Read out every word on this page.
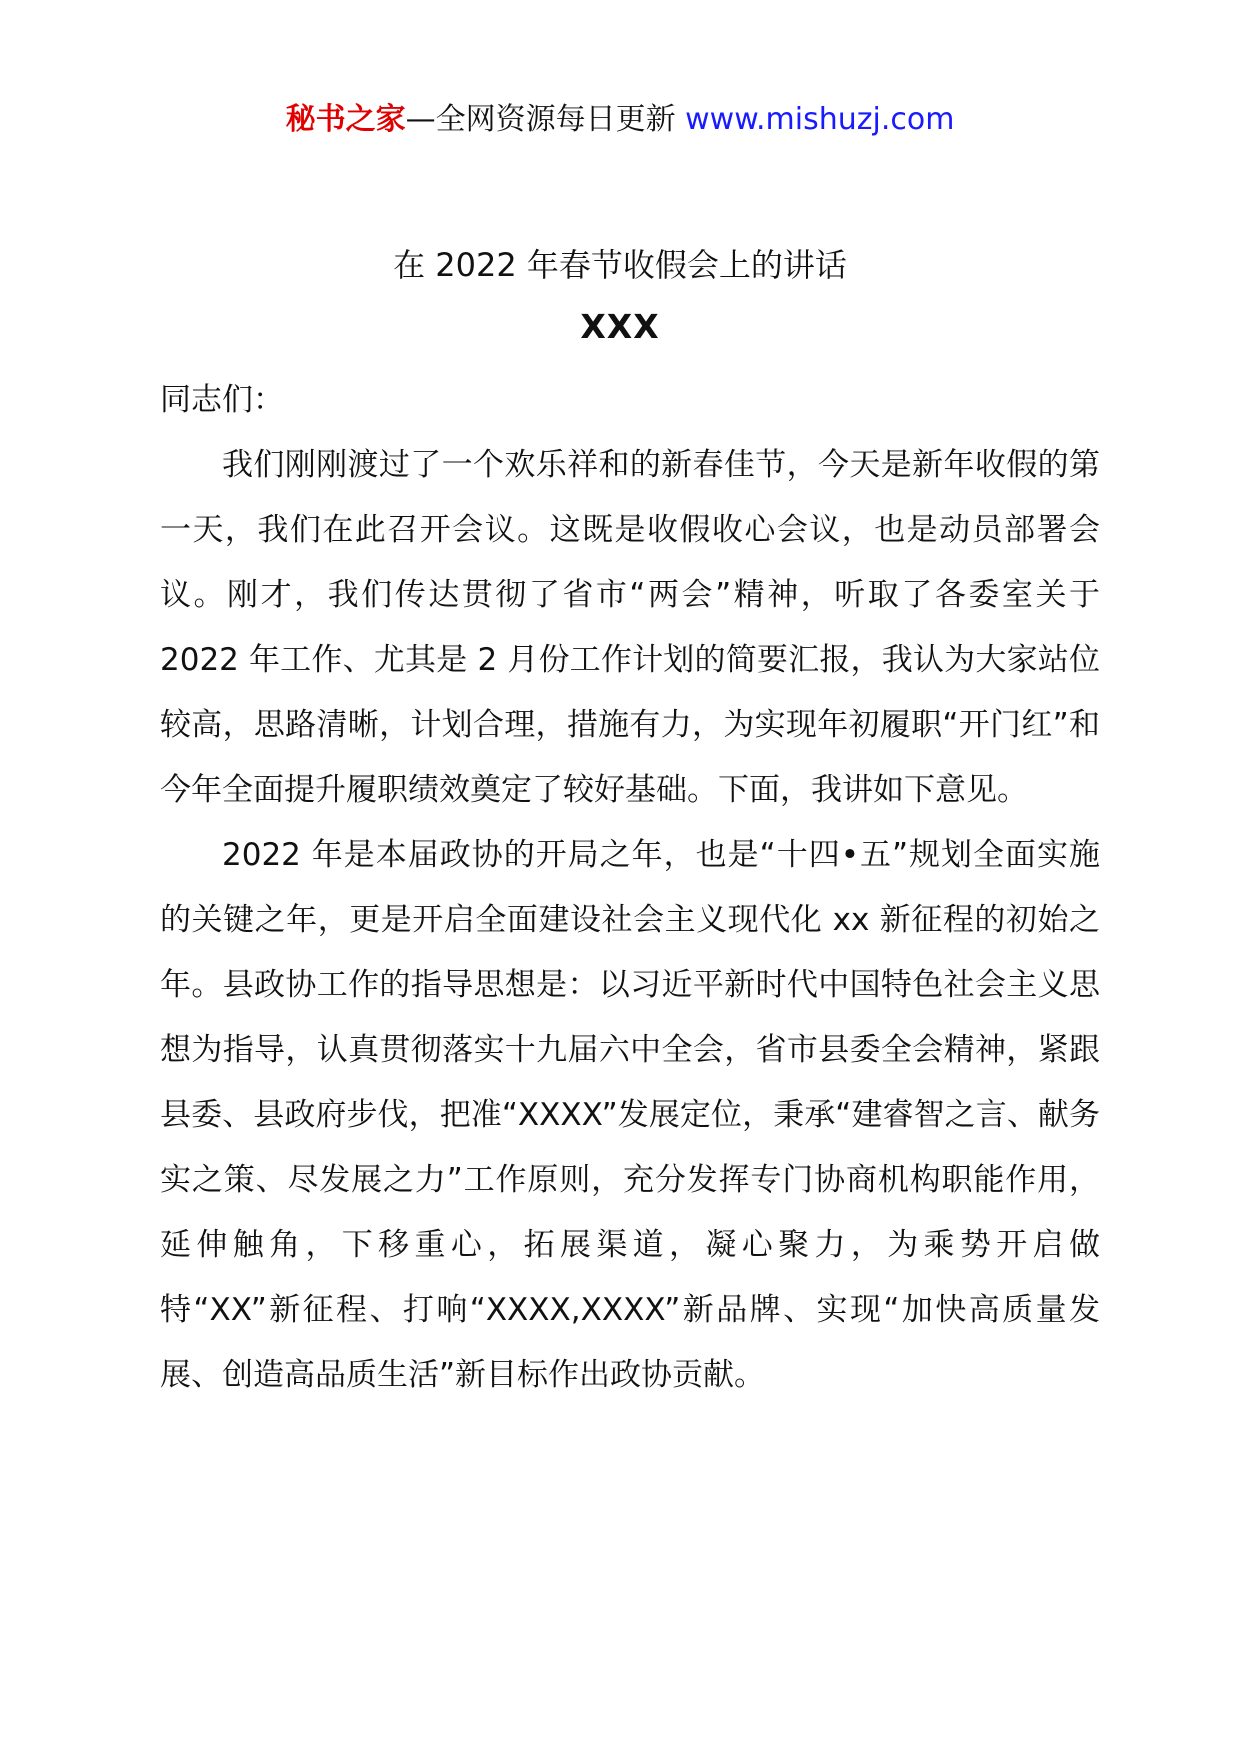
秘书之家—全网资源每日更新 www.mishuzj.com
在 2022 年春节收假会上的讲话
XXX

同志们：

我们刚刚渡过了一个欢乐祥和的新春佳节，今天是新年收假的第一天，我们在此召开会议。这既是收假收心会议，也是动员部署会议。刚才，我们传达贯彻了省市“两会”精神，听取了各委室关于 2022 年工作、尤其是 2 月份工作计划的简要汇报，我认为大家站位较高，思路清晰，计划合理，措施有力，为实现年初履职“开门红”和今年全面提升履职绩效奠定了较好基础。下面，我讲如下意见。

2022 年是本届政协的开局之年，也是“十四•五”规划全面实施的关键之年，更是开启全面建设社会主义现代化 xx 新征程的初始之年。县政协工作的指导思想是：以习近平新时代中国特色社会主义思想为指导，认真贯彻落实十九届六中全会，省市县委全会精神，紧跟县委、县政府步伐，把准“XXXX”发展定位，秉承“建睿智之言、献务实之策、尽发展之力”工作原则，充分发挥专门协商机构职能作用，延伸触角，下移重心，拓展渠道，凝心聚力，为乘势开启做特“XX”新征程、打响“XXXX,XXXX”新品牌、实现“加快高质量发展、创造高品质生活”新目标作出政协贡献。
